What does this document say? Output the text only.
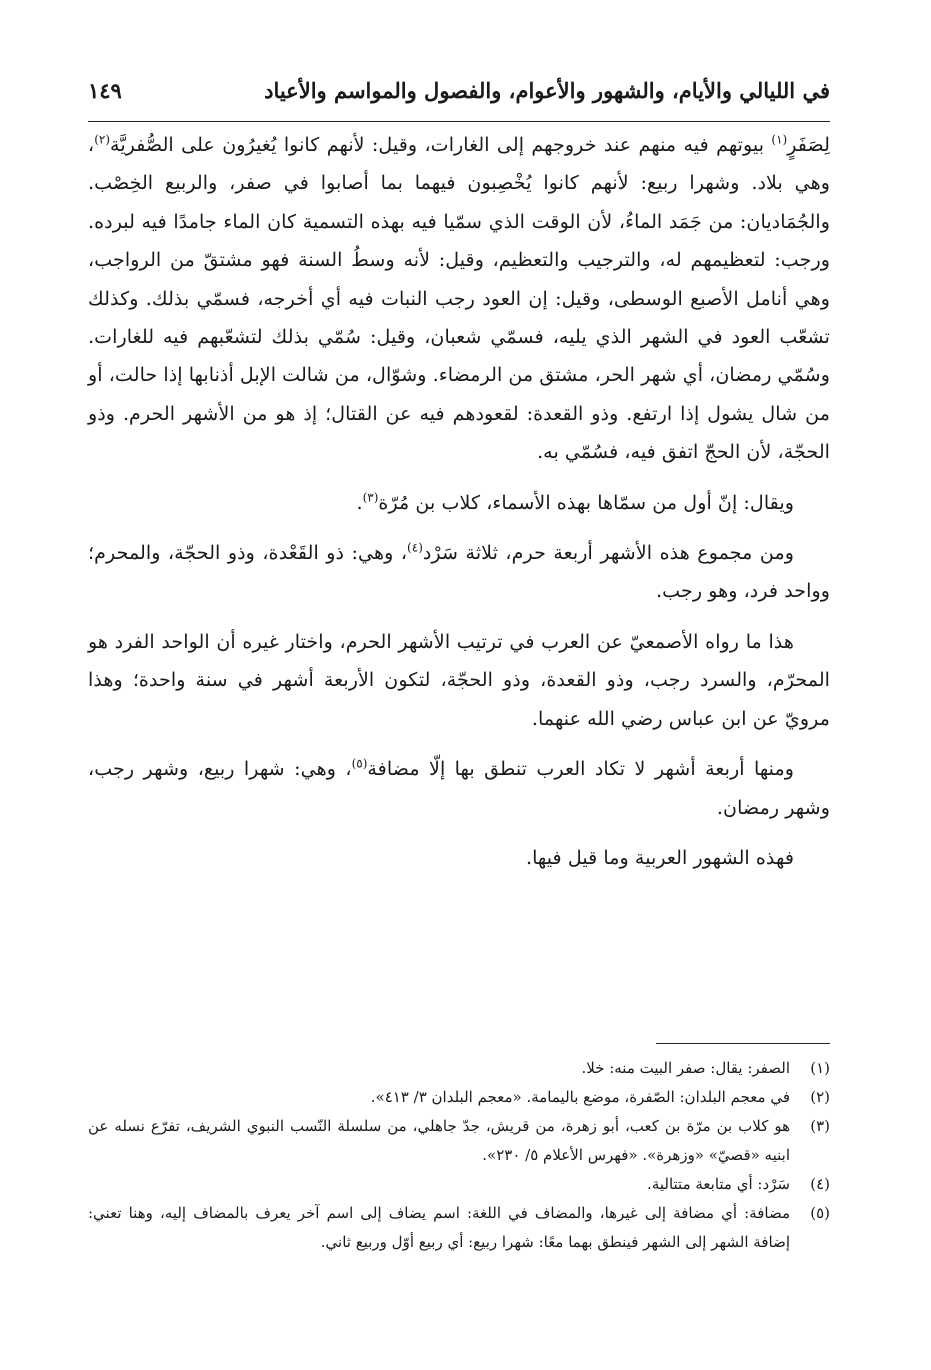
في الليالي والأيام، والشهور والأعوام، والفصول والمواسم والأعياد
١٤٩

لِصَفَرٍ$^{(١)}$ بيوتهم فيه منهم عند خروجهم إلى الغارات، وقيل: لأنهم كانوا يُغيرُون على الصُّفريَّة$^{(٢)}$، وهي بلاد. وشهرا ربيع: لأنهم كانوا يُخْصِبون فيهما بما أصابوا في صفر، والربيع الخِصْب. والجُمَاديان: من جَمَد الماءُ، لأن الوقت الذي سمّيا فيه بهذه التسمية كان الماء جامدًا فيه لبرده. ورجب: لتعظيمهم له، والترجيب والتعظيم، وقيل: لأنه وسطُ السنة فهو مشتقّ من الرواجب، وهي أنامل الأصبع الوسطى، وقيل: إن العود رجب النبات فيه أي أخرجه، فسمّي بذلك. وكذلك تشعّب العود في الشهر الذي يليه، فسمّي شعبان، وقيل: سُمّي بذلك لتشعّبهم فيه للغارات. وسُمّي رمضان، أي شهر الحر، مشتق من الرمضاء. وشوّال، من شالت الإبل أذنابها إذا حالت، أو من شال يشول إذا ارتفع. وذو القعدة: لقعودهم فيه عن القتال؛ إذ هو من الأشهر الحرم. وذو الحجّة، لأن الحجّ اتفق فيه، فسُمّي به.

ويقال: إنّ أول من سمّاها بهذه الأسماء، كلاب بن مُرّة$^{(٣)}$.

ومن مجموع هذه الأشهر أربعة حرم، ثلاثة سَرْد$^{(٤)}$، وهي: ذو القَعْدة، وذو الحجّة، والمحرم؛ وواحد فرد، وهو رجب.

هذا ما رواه الأصمعيّ عن العرب في ترتيب الأشهر الحرم، واختار غيره أن الواحد الفرد هو المحرّم، والسرد رجب، وذو القعدة، وذو الحجّة، لتكون الأربعة أشهر في سنة واحدة؛ وهذا مرويّ عن ابن عباس رضي الله عنهما.

ومنها أربعة أشهر لا تكاد العرب تنطق بها إلّا مضافة$^{(٥)}$، وهي: شهرا ربيع، وشهر رجب، وشهر رمضان.

فهذه الشهور العربية وما قيل فيها.

(١)
الصفر: يقال: صفر البيت منه: خلا.
(٢)
في معجم البلدان: الصّفرة، موضع باليمامة. «معجم البلدان ٣/ ٤١٣».
(٣)
هو كلاب بن مرّة بن كعب، أبو زهرة، من قريش، جدّ جاهلي، من سلسلة النّسب النبوي الشريف، تفرّع نسله عن ابنيه «قصيّ» «وزهرة». «فهرس الأعلام ٥/ ٢٣٠».
(٤)
سَرْد: أي متابعة متتالية.
(٥)
مضافة: أي مضافة إلى غيرها، والمضاف في اللغة: اسم يضاف إلى اسم آخر يعرف بالمضاف إليه، وهنا تعني: إضافة الشهر إلى الشهر فينطق بهما معًا: شهرا ربيع: أي ربيع أوّل وربيع ثاني.
